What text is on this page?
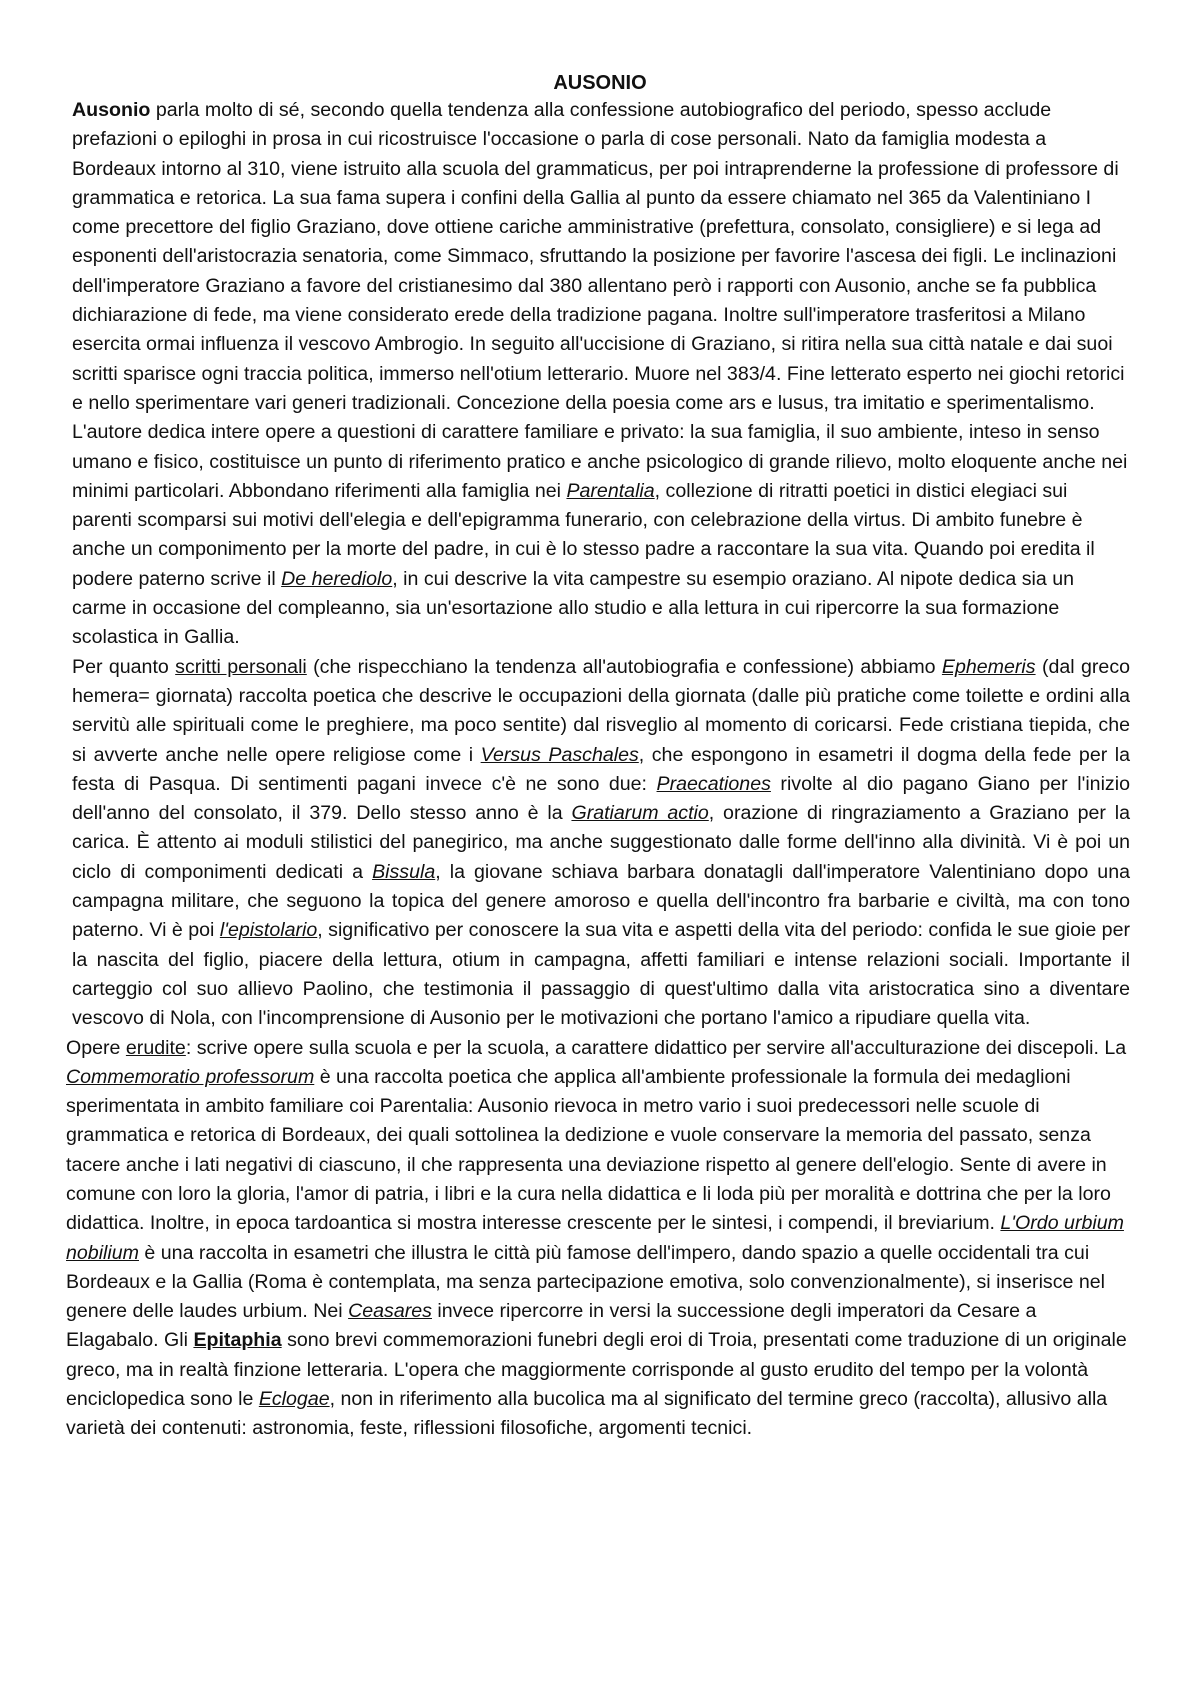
AUSONIO

Ausonio parla molto di sé, secondo quella tendenza alla confessione autobiografico del periodo, spesso acclude prefazioni o epiloghi in prosa in cui ricostruisce l'occasione o parla di cose personali. Nato da famiglia modesta a Bordeaux intorno al 310, viene istruito alla scuola del grammaticus, per poi intraprenderne la professione di professore di grammatica e retorica. La sua fama supera i confini della Gallia al punto da essere chiamato nel 365 da Valentiniano I come precettore del figlio Graziano, dove ottiene cariche amministrative (prefettura, consolato, consigliere) e si lega ad esponenti dell'aristocrazia senatoria, come Simmaco, sfruttando la posizione per favorire l'ascesa dei figli. Le inclinazioni dell'imperatore Graziano a favore del cristianesimo dal 380 allentano però i rapporti con Ausonio, anche se fa pubblica dichiarazione di fede, ma viene considerato erede della tradizione pagana. Inoltre sull'imperatore trasferitosi a Milano esercita ormai influenza il vescovo Ambrogio. In seguito all'uccisione di Graziano, si ritira nella sua città natale e dai suoi scritti sparisce ogni traccia politica, immerso nell'otium letterario. Muore nel 383/4. Fine letterato esperto nei giochi retorici e nello sperimentare vari generi tradizionali. Concezione della poesia come ars e lusus, tra imitatio e sperimentalismo. L'autore dedica intere opere a questioni di carattere familiare e privato: la sua famiglia, il suo ambiente, inteso in senso umano e fisico, costituisce un punto di riferimento pratico e anche psicologico di grande rilievo, molto eloquente anche nei minimi particolari. Abbondano riferimenti alla famiglia nei Parentalia, collezione di ritratti poetici in distici elegiaci sui parenti scomparsi sui motivi dell'elegia e dell'epigramma funerario, con celebrazione della virtus. Di ambito funebre è anche un componimento per la morte del padre, in cui è lo stesso padre a raccontare la sua vita. Quando poi eredita il podere paterno scrive il De herediolo, in cui descrive la vita campestre su esempio oraziano. Al nipote dedica sia un carme in occasione del compleanno, sia un'esortazione allo studio e alla lettura in cui ripercorre la sua formazione scolastica in Gallia.

Per quanto scritti personali (che rispecchiano la tendenza all'autobiografia e confessione) abbiamo Ephemeris (dal greco hemera= giornata) raccolta poetica che descrive le occupazioni della giornata (dalle più pratiche come toilette e ordini alla servitù alle spirituali come le preghiere, ma poco sentite) dal risveglio al momento di coricarsi. Fede cristiana tiepida, che si avverte anche nelle opere religiose come i Versus Paschales, che espongono in esametri il dogma della fede per la festa di Pasqua. Di sentimenti pagani invece c'è ne sono due: Praecationes rivolte al dio pagano Giano per l'inizio dell'anno del consolato, il 379. Dello stesso anno è la Gratiarum actio, orazione di ringraziamento a Graziano per la carica. È attento ai moduli stilistici del panegirico, ma anche suggestionato dalle forme dell'inno alla divinità. Vi è poi un ciclo di componimenti dedicati a Bissula, la giovane schiava barbara donatagli dall'imperatore Valentiniano dopo una campagna militare, che seguono la topica del genere amoroso e quella dell'incontro fra barbarie e civiltà, ma con tono paterno. Vi è poi l'epistolario, significativo per conoscere la sua vita e aspetti della vita del periodo: confida le sue gioie per la nascita del figlio, piacere della lettura, otium in campagna, affetti familiari e intense relazioni sociali. Importante il carteggio col suo allievo Paolino, che testimonia il passaggio di quest'ultimo dalla vita aristocratica sino a diventare vescovo di Nola, con l'incomprensione di Ausonio per le motivazioni che portano l'amico a ripudiare quella vita.

Opere erudite: scrive opere sulla scuola e per la scuola, a carattere didattico per servire all'acculturazione dei discepoli. La Commemoratio professorum è una raccolta poetica che applica all'ambiente professionale la formula dei medaglioni sperimentata in ambito familiare coi Parentalia: Ausonio rievoca in metro vario i suoi predecessori nelle scuole di grammatica e retorica di Bordeaux, dei quali sottolinea la dedizione e vuole conservare la memoria del passato, senza tacere anche i lati negativi di ciascuno, il che rappresenta una deviazione rispetto al genere dell'elogio. Sente di avere in comune con loro la gloria, l'amor di patria, i libri e la cura nella didattica e li loda più per moralità e dottrina che per la loro didattica. Inoltre, in epoca tardoantica si mostra interesse crescente per le sintesi, i compendi, il breviarium. L'Ordo urbium nobilium è una raccolta in esametri che illustra le città più famose dell'impero, dando spazio a quelle occidentali tra cui Bordeaux e la Gallia (Roma è contemplata, ma senza partecipazione emotiva, solo convenzionalmente), si inserisce nel genere delle laudes urbium. Nei Ceasares invece ripercorre in versi la successione degli imperatori da Cesare a Elagabalo. Gli Epitaphia sono brevi commemorazioni funebri degli eroi di Troia, presentati come traduzione di un originale greco, ma in realtà finzione letteraria. L'opera che maggiormente corrisponde al gusto erudito del tempo per la volontà enciclopedica sono le Eclogae, non in riferimento alla bucolica ma al significato del termine greco (raccolta), allusivo alla varietà dei contenuti: astronomia, feste, riflessioni filosofiche, argomenti tecnici.
